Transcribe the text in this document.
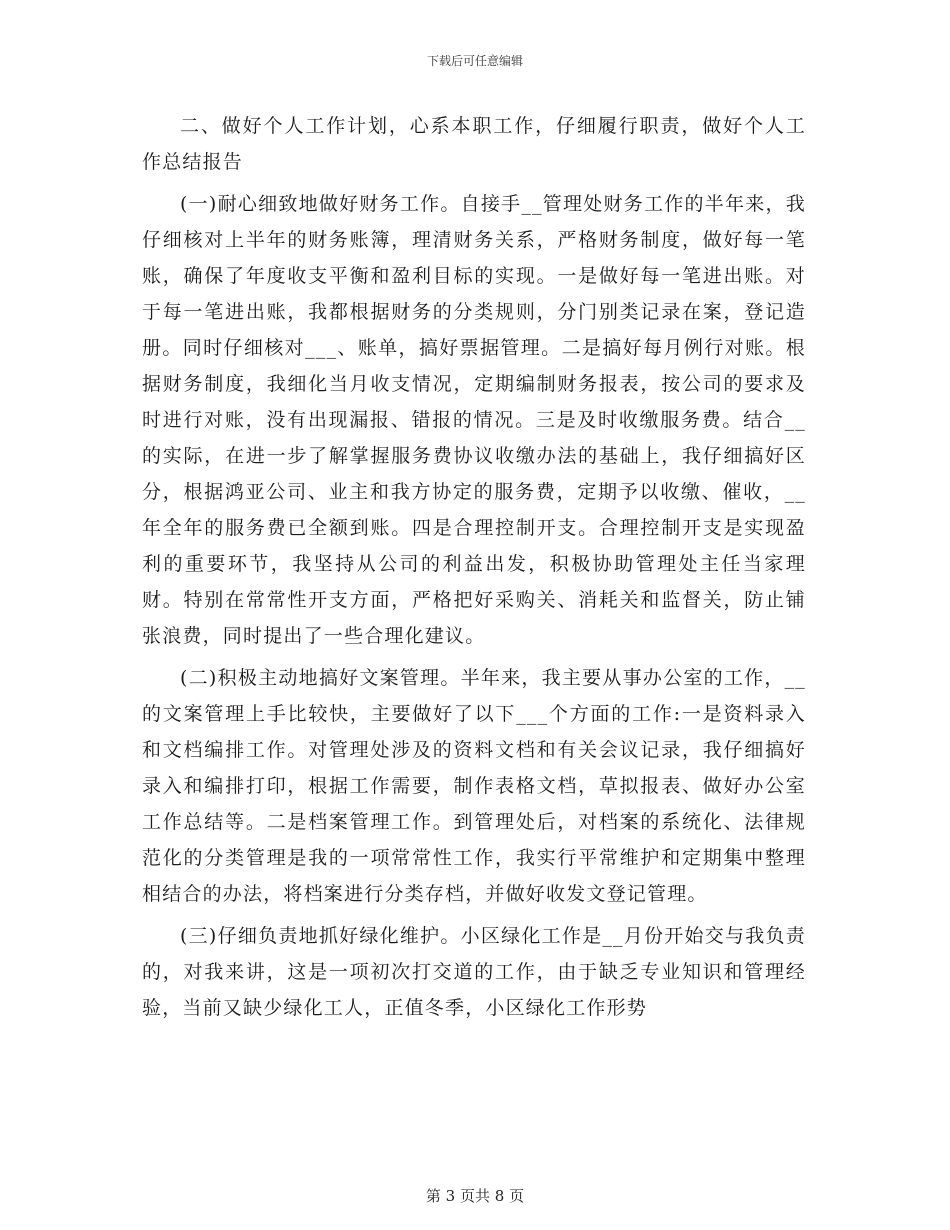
下载后可任意编辑

二、做好个人工作计划，心系本职工作，仔细履行职责，做好个人工作总结报告

(一)耐心细致地做好财务工作。自接手__管理处财务工作的半年来，我仔细核对上半年的财务账簿，理清财务关系，严格财务制度，做好每一笔账，确保了年度收支平衡和盈利目标的实现。一是做好每一笔进出账。对于每一笔进出账，我都根据财务的分类规则，分门别类记录在案，登记造册。同时仔细核对___、账单，搞好票据管理。二是搞好每月例行对账。根据财务制度，我细化当月收支情况，定期编制财务报表，按公司的要求及时进行对账，没有出现漏报、错报的情况。三是及时收缴服务费。结合__的实际，在进一步了解掌握服务费协议收缴办法的基础上，我仔细搞好区分，根据鸿亚公司、业主和我方协定的服务费，定期予以收缴、催收，__年全年的服务费已全额到账。四是合理控制开支。合理控制开支是实现盈利的重要环节，我坚持从公司的利益出发，积极协助管理处主任当家理财。特别在常常性开支方面，严格把好采购关、消耗关和监督关，防止铺张浪费，同时提出了一些合理化建议。

(二)积极主动地搞好文案管理。半年来，我主要从事办公室的工作，__的文案管理上手比较快，主要做好了以下___个方面的工作:一是资料录入和文档编排工作。对管理处涉及的资料文档和有关会议记录，我仔细搞好录入和编排打印，根据工作需要，制作表格文档，草拟报表、做好办公室工作总结等。二是档案管理工作。到管理处后，对档案的系统化、法律规范化的分类管理是我的一项常常性工作，我实行平常维护和定期集中整理相结合的办法，将档案进行分类存档，并做好收发文登记管理。

(三)仔细负责地抓好绿化维护。小区绿化工作是__月份开始交与我负责的，对我来讲，这是一项初次打交道的工作，由于缺乏专业知识和管理经验，当前又缺少绿化工人，正值冬季，小区绿化工作形势

第 3 页共 8 页
